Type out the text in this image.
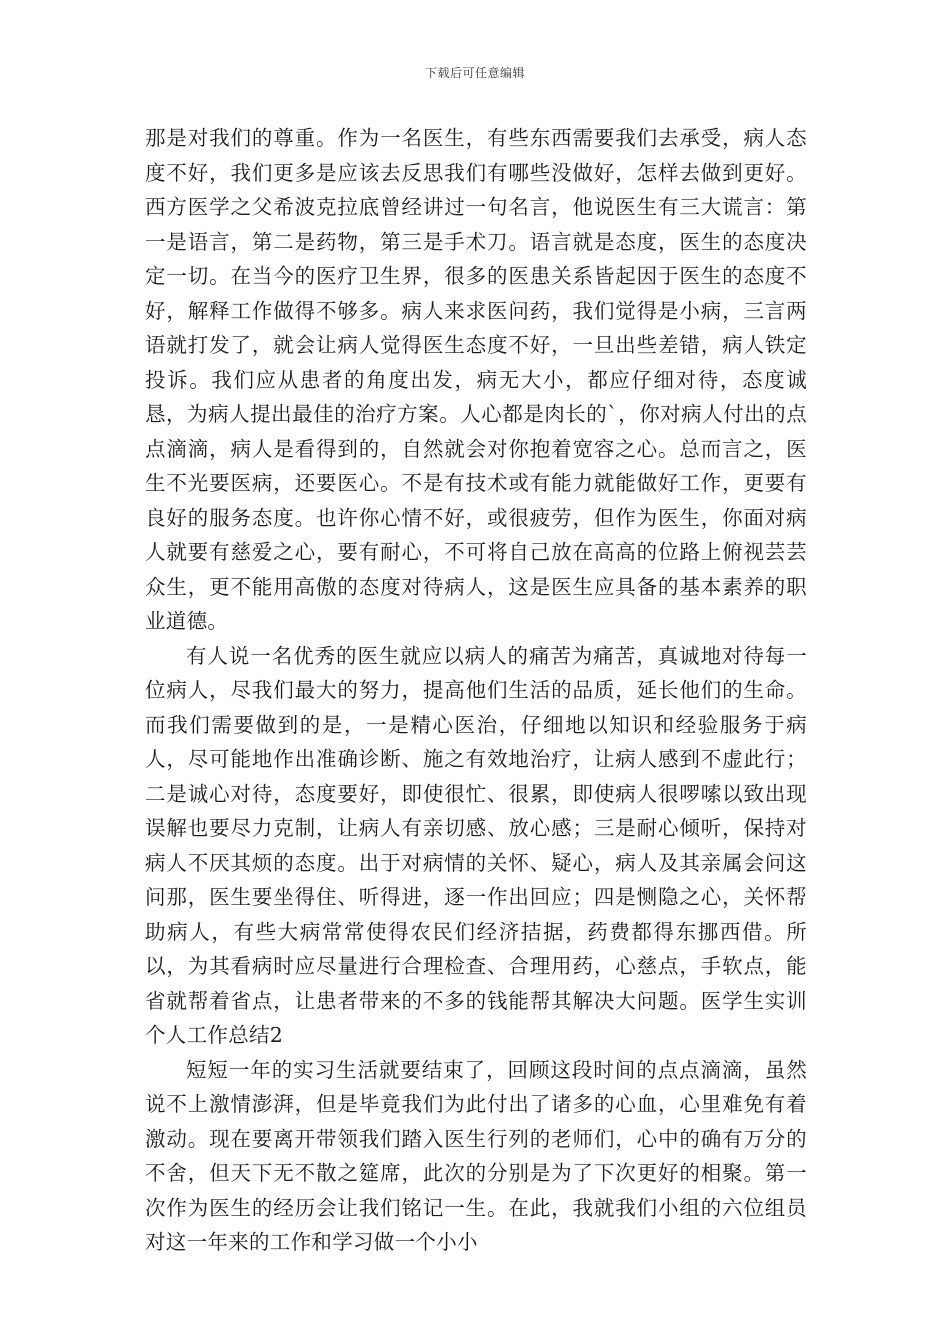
下载后可任意编辑

那是对我们的尊重。作为一名医生，有些东西需要我们去承受，病人态度不好，我们更多是应该去反思我们有哪些没做好，怎样去做到更好。西方医学之父希波克拉底曾经讲过一句名言，他说医生有三大谎言：第一是语言，第二是药物，第三是手术刀。语言就是态度，医生的态度决定一切。在当今的医疗卫生界，很多的医患关系皆起因于医生的态度不好，解释工作做得不够多。病人来求医问药，我们觉得是小病，三言两语就打发了，就会让病人觉得医生态度不好，一旦出些差错，病人铁定投诉。我们应从患者的角度出发，病无大小，都应仔细对待，态度诚恳，为病人提出最佳的治疗方案。人心都是肉长的`，你对病人付出的点点滴滴，病人是看得到的，自然就会对你抱着宽容之心。总而言之，医生不光要医病，还要医心。不是有技术或有能力就能做好工作，更要有良好的服务态度。也许你心情不好，或很疲劳，但作为医生，你面对病人就要有慈爱之心，要有耐心，不可将自己放在高高的位路上俯视芸芸众生，更不能用高傲的态度对待病人，这是医生应具备的基本素养的职业道德。

有人说一名优秀的医生就应以病人的痛苦为痛苦，真诚地对待每一位病人，尽我们最大的努力，提高他们生活的品质，延长他们的生命。而我们需要做到的是，一是精心医治，仔细地以知识和经验服务于病人，尽可能地作出准确诊断、施之有效地治疗，让病人感到不虚此行；二是诚心对待，态度要好，即使很忙、很累，即使病人很啰嗦以致出现误解也要尽力克制，让病人有亲切感、放心感；三是耐心倾听，保持对病人不厌其烦的态度。出于对病情的关怀、疑心，病人及其亲属会问这问那，医生要坐得住、听得进，逐一作出回应；四是恻隐之心，关怀帮助病人，有些大病常常使得农民们经济拮据，药费都得东挪西借。所以，为其看病时应尽量进行合理检查、合理用药，心慈点，手软点，能省就帮着省点，让患者带来的不多的钱能帮其解决大问题。医学生实训个人工作总结2

短短一年的实习生活就要结束了，回顾这段时间的点点滴滴，虽然说不上激情澎湃，但是毕竟我们为此付出了诸多的心血，心里难免有着激动。现在要离开带领我们踏入医生行列的老师们，心中的确有万分的不舍，但天下无不散之筵席，此次的分别是为了下次更好的相聚。第一次作为医生的经历会让我们铭记一生。在此，我就我们小组的六位组员对这一年来的工作和学习做一个小小
